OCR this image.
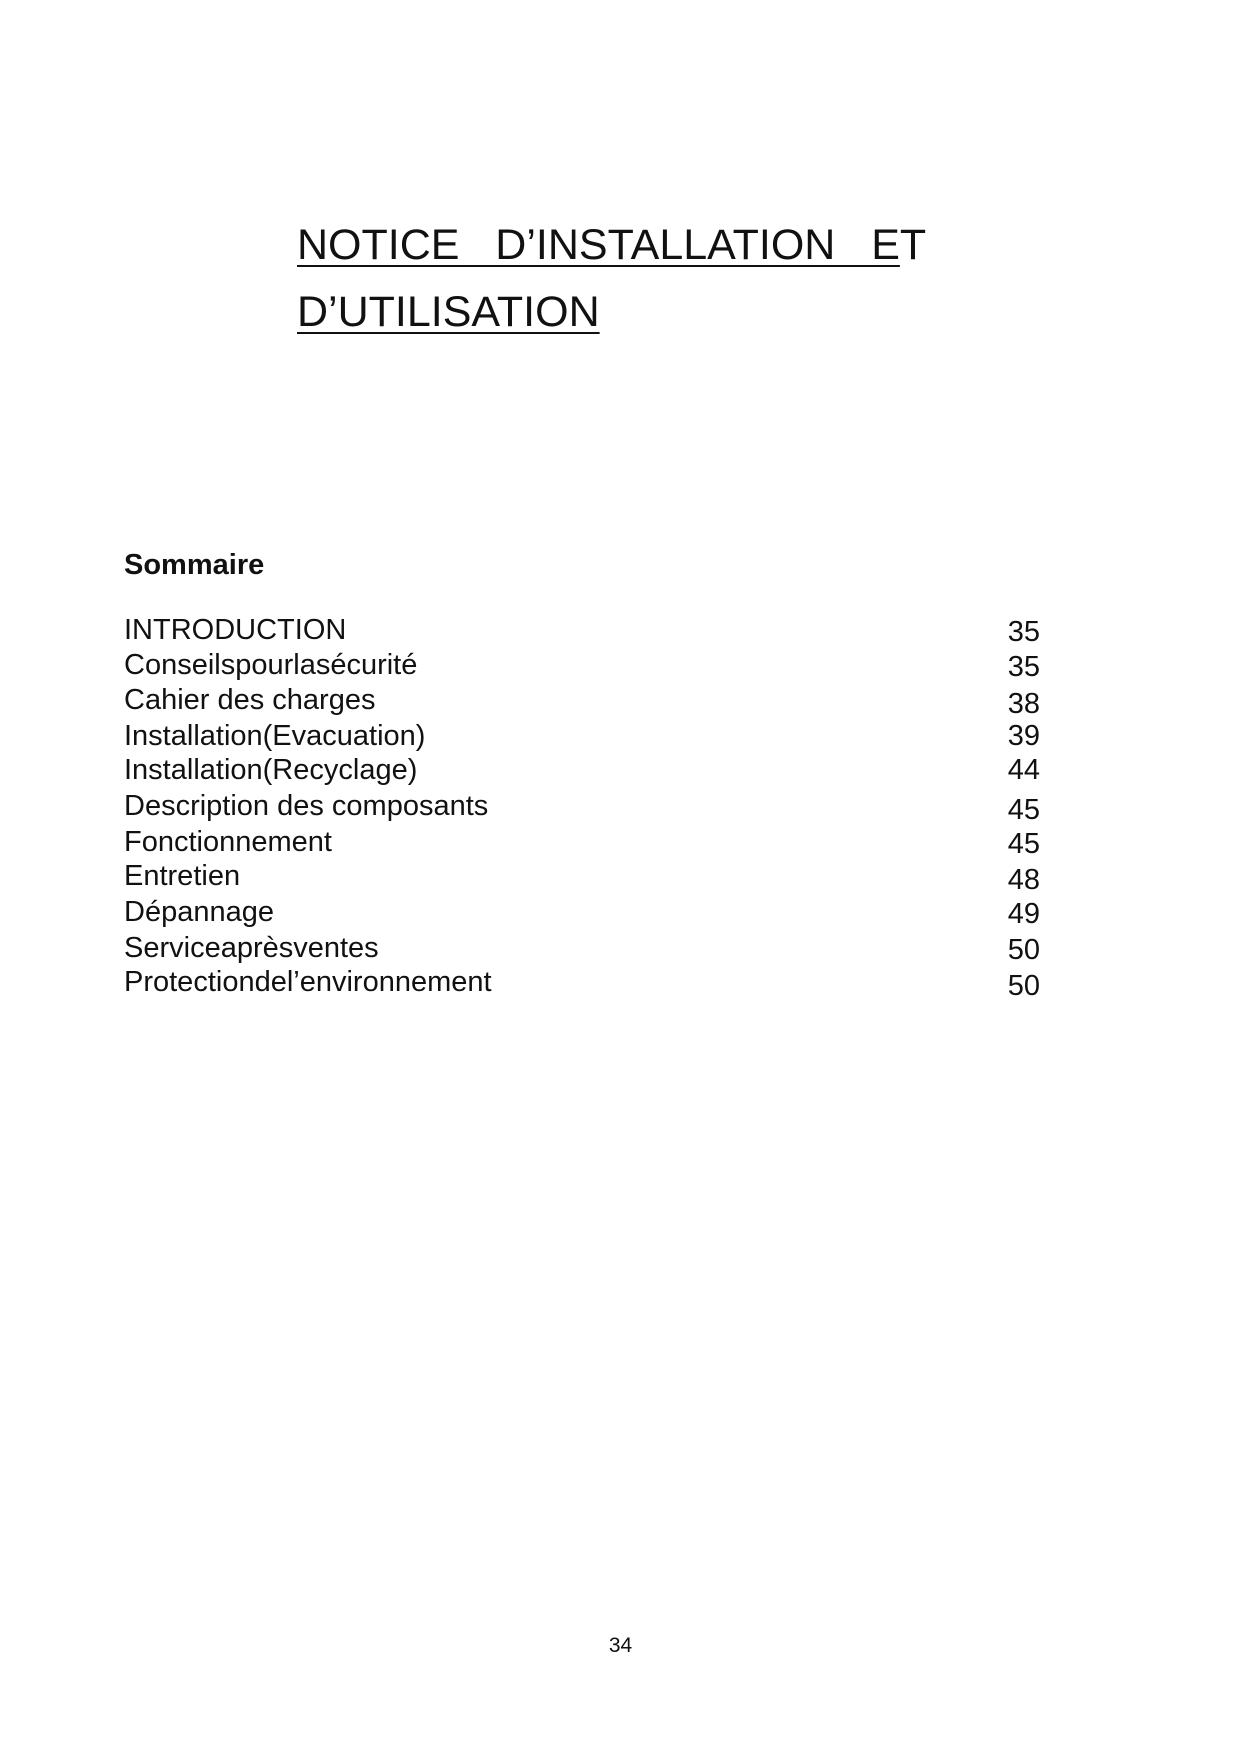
NOTICE   D’INSTALLATION   ET
D’UTILISATION
Sommaire
INTRODUCTION	35
Conseilspourlasécurité	35
Cahier des charges	38
Installation(Evacuation)	39
Installation(Recyclage)	44
Description des composants	45
Fonctionnement	45
Entretien	48
Dépannage	49
Serviceaprèsventes	50
Protectiondel’environnement	50
34
